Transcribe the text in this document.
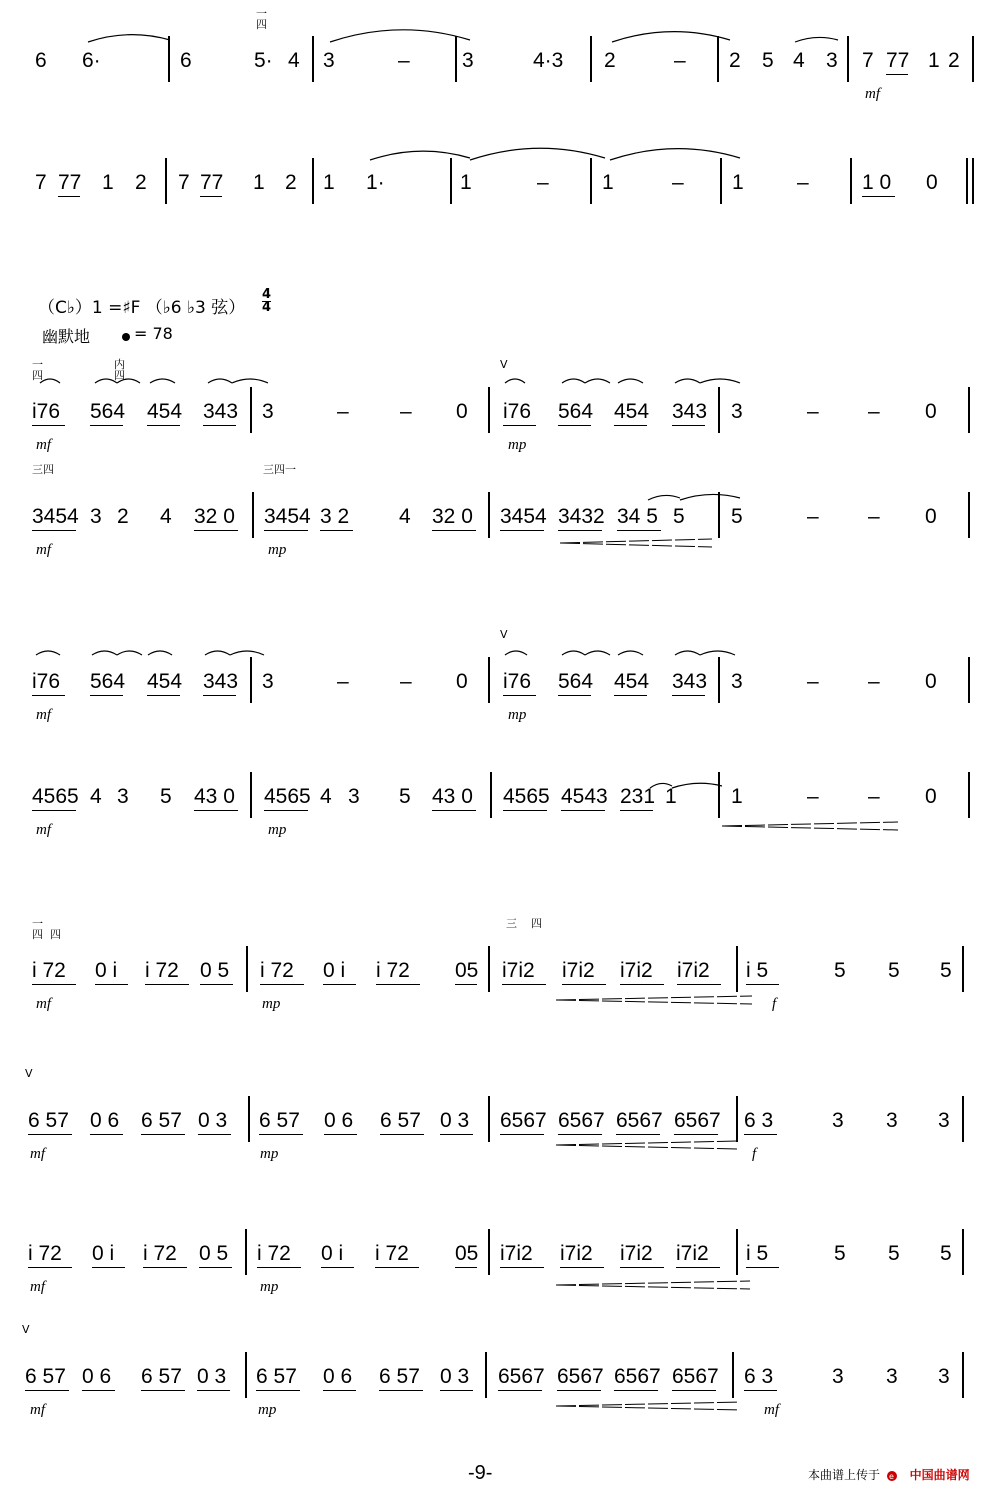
（C♭）1 =♯F （♭6 ♭3 弦）
4
4
幽默地	= 78
6 6·	6	5· 4 3	– 3	4·3 2	– 2 5 4 3 7 77 1 2
mf
一
四
7 77 1 2 7 77 1 2 1 1·	1	–	1	– 1	–	1 0 0
i76 564 454 343 3	– – 0 i76 564 454 343 3	– – 0
mf	mp
一
四
内
四
V
3454 3 2 4 32 0 3454 3 2 4 32 0 3454 3432 34 5 5 5	– – 0
mf	mp
三四	三四一
i76 564 454 343 3	– – 0 i76 564 454 343 3	– – 0
mf	mp
V
4565 4 3 5 43 0 4565 4 3 5 43 0 4565 4543 231 1	1	– – 0
mf	mp
i 72 0 i i 72 0 5 i 72 0 i i 72 05 i7i2 i7i2 i7i2 i7i2 i 5	5 5 5
mf	mp	f
一
四  四
三    四
6 57 0 6 6 57 0 3 6 57 0 6 6 57 0 3 6567 6567 6567 6567 6 3	3 3 3
mf	mp	f
V
i 72 0 i i 72 0 5 i 72 0 i i 72 05 i7i2 i7i2 i7i2 i7i2 i 5	5 5 5
mf	mp
6 57 0 6 6 57 0 3 6 57 0 6 6 57 0 3 6567 6567 6567 6567 6 3	3 3 3
mf	mp	mf
V
-9-	本曲谱上传于 e 中国曲谱网
